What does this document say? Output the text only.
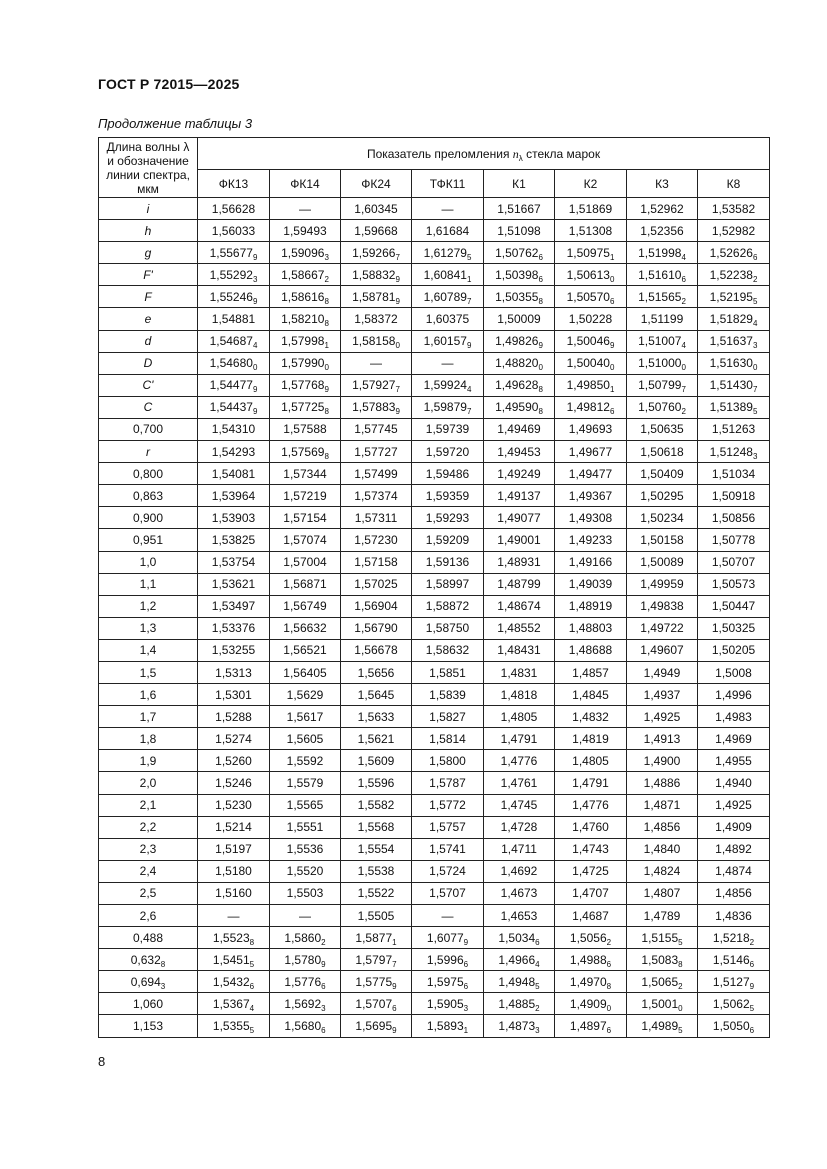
ГОСТ Р 72015—2025
Продолжение таблицы 3
Длина волны λ
и обозначение
линии спектра,
мкм	Показатель преломления $n_\lambda$ стекла марок							
	ФК13	ФК14	ФК24	ТФК11	К1	К2	К3	К8
i	1,56628	—	1,60345	—	1,51667	1,51869	1,52962	1,53582
h	1,56033	1,59493	1,59668	1,61684	1,51098	1,51308	1,52356	1,52982
g	$1,55677_9$	$1,59096_3$	$1,59266_7$	$1,61279_5$	$1,50762_6$	$1,50975_1$	$1,51998_4$	$1,52626_6$
F'	$1,55292_3$	$1,58667_2$	$1,58832_9$	$1,60841_1$	$1,50398_6$	$1,50613_0$	$1,51610_6$	$1,52238_2$
F	$1,55246_9$	$1,58616_8$	$1,58781_9$	$1,60789_7$	$1,50355_8$	$1,50570_6$	$1,51565_2$	$1,52195_5$
e	1,54881	$1,58210_8$	1,58372	1,60375	1,50009	1,50228	1,51199	$1,51829_4$
d	$1,54687_4$	$1,57998_1$	$1,58158_0$	$1,60157_9$	$1,49826_9$	$1,50046_9$	$1,51007_4$	$1,51637_3$
D	$1,54680_0$	$1,57990_0$	—	—	$1,48820_0$	$1,50040_0$	$1,51000_0$	$1,51630_0$
C'	$1,54477_9$	$1,57768_9$	$1,57927_7$	$1,59924_4$	$1,49628_8$	$1,49850_1$	$1,50799_7$	$1,51430_7$
C	$1,54437_9$	$1,57725_8$	$1,57883_9$	$1,59879_7$	$1,49590_8$	$1,49812_6$	$1,50760_2$	$1,51389_5$
0,700	1,54310	1,57588	1,57745	1,59739	1,49469	1,49693	1,50635	1,51263
r	1,54293	$1,57569_8$	1,57727	1,59720	1,49453	1,49677	1,50618	$1,51248_3$
0,800	1,54081	1,57344	1,57499	1,59486	1,49249	1,49477	1,50409	1,51034
0,863	1,53964	1,57219	1,57374	1,59359	1,49137	1,49367	1,50295	1,50918
0,900	1,53903	1,57154	1,57311	1,59293	1,49077	1,49308	1,50234	1,50856
0,951	1,53825	1,57074	1,57230	1,59209	1,49001	1,49233	1,50158	1,50778
1,0	1,53754	1,57004	1,57158	1,59136	1,48931	1,49166	1,50089	1,50707
1,1	1,53621	1,56871	1,57025	1,58997	1,48799	1,49039	1,49959	1,50573
1,2	1,53497	1,56749	1,56904	1,58872	1,48674	1,48919	1,49838	1,50447
1,3	1,53376	1,56632	1,56790	1,58750	1,48552	1,48803	1,49722	1,50325
1,4	1,53255	1,56521	1,56678	1,58632	1,48431	1,48688	1,49607	1,50205
1,5	1,5313	1,56405	1,5656	1,5851	1,4831	1,4857	1,4949	1,5008
1,6	1,5301	1,5629	1,5645	1,5839	1,4818	1,4845	1,4937	1,4996
1,7	1,5288	1,5617	1,5633	1,5827	1,4805	1,4832	1,4925	1,4983
1,8	1,5274	1,5605	1,5621	1,5814	1,4791	1,4819	1,4913	1,4969
1,9	1,5260	1,5592	1,5609	1,5800	1,4776	1,4805	1,4900	1,4955
2,0	1,5246	1,5579	1,5596	1,5787	1,4761	1,4791	1,4886	1,4940
2,1	1,5230	1,5565	1,5582	1,5772	1,4745	1,4776	1,4871	1,4925
2,2	1,5214	1,5551	1,5568	1,5757	1,4728	1,4760	1,4856	1,4909
2,3	1,5197	1,5536	1,5554	1,5741	1,4711	1,4743	1,4840	1,4892
2,4	1,5180	1,5520	1,5538	1,5724	1,4692	1,4725	1,4824	1,4874
2,5	1,5160	1,5503	1,5522	1,5707	1,4673	1,4707	1,4807	1,4856
2,6	—	—	1,5505	—	1,4653	1,4687	1,4789	1,4836
0,488	$1,5523_8$	$1,5860_2$	$1,5877_1$	$1,6077_9$	$1,5034_6$	$1,5056_2$	$1,5155_5$	$1,5218_2$
$0,632_8$	$1,5451_5$	$1,5780_9$	$1,5797_7$	$1,5996_6$	$1,4966_4$	$1,4988_6$	$1,5083_8$	$1,5146_6$
$0,694_3$	$1,5432_6$	$1,5776_6$	$1,5775_9$	$1,5975_6$	$1,4948_5$	$1,4970_8$	$1,5065_2$	$1,5127_9$
1,060	$1,5367_4$	$1,5692_3$	$1,5707_6$	$1,5905_3$	$1,4885_2$	$1,4909_0$	$1,5001_0$	$1,5062_5$
1,153	$1,5355_5$	$1,5680_6$	$1,5695_9$	$1,5893_1$	$1,4873_3$	$1,4897_6$	$1,4989_5$	$1,5050_6$
8
